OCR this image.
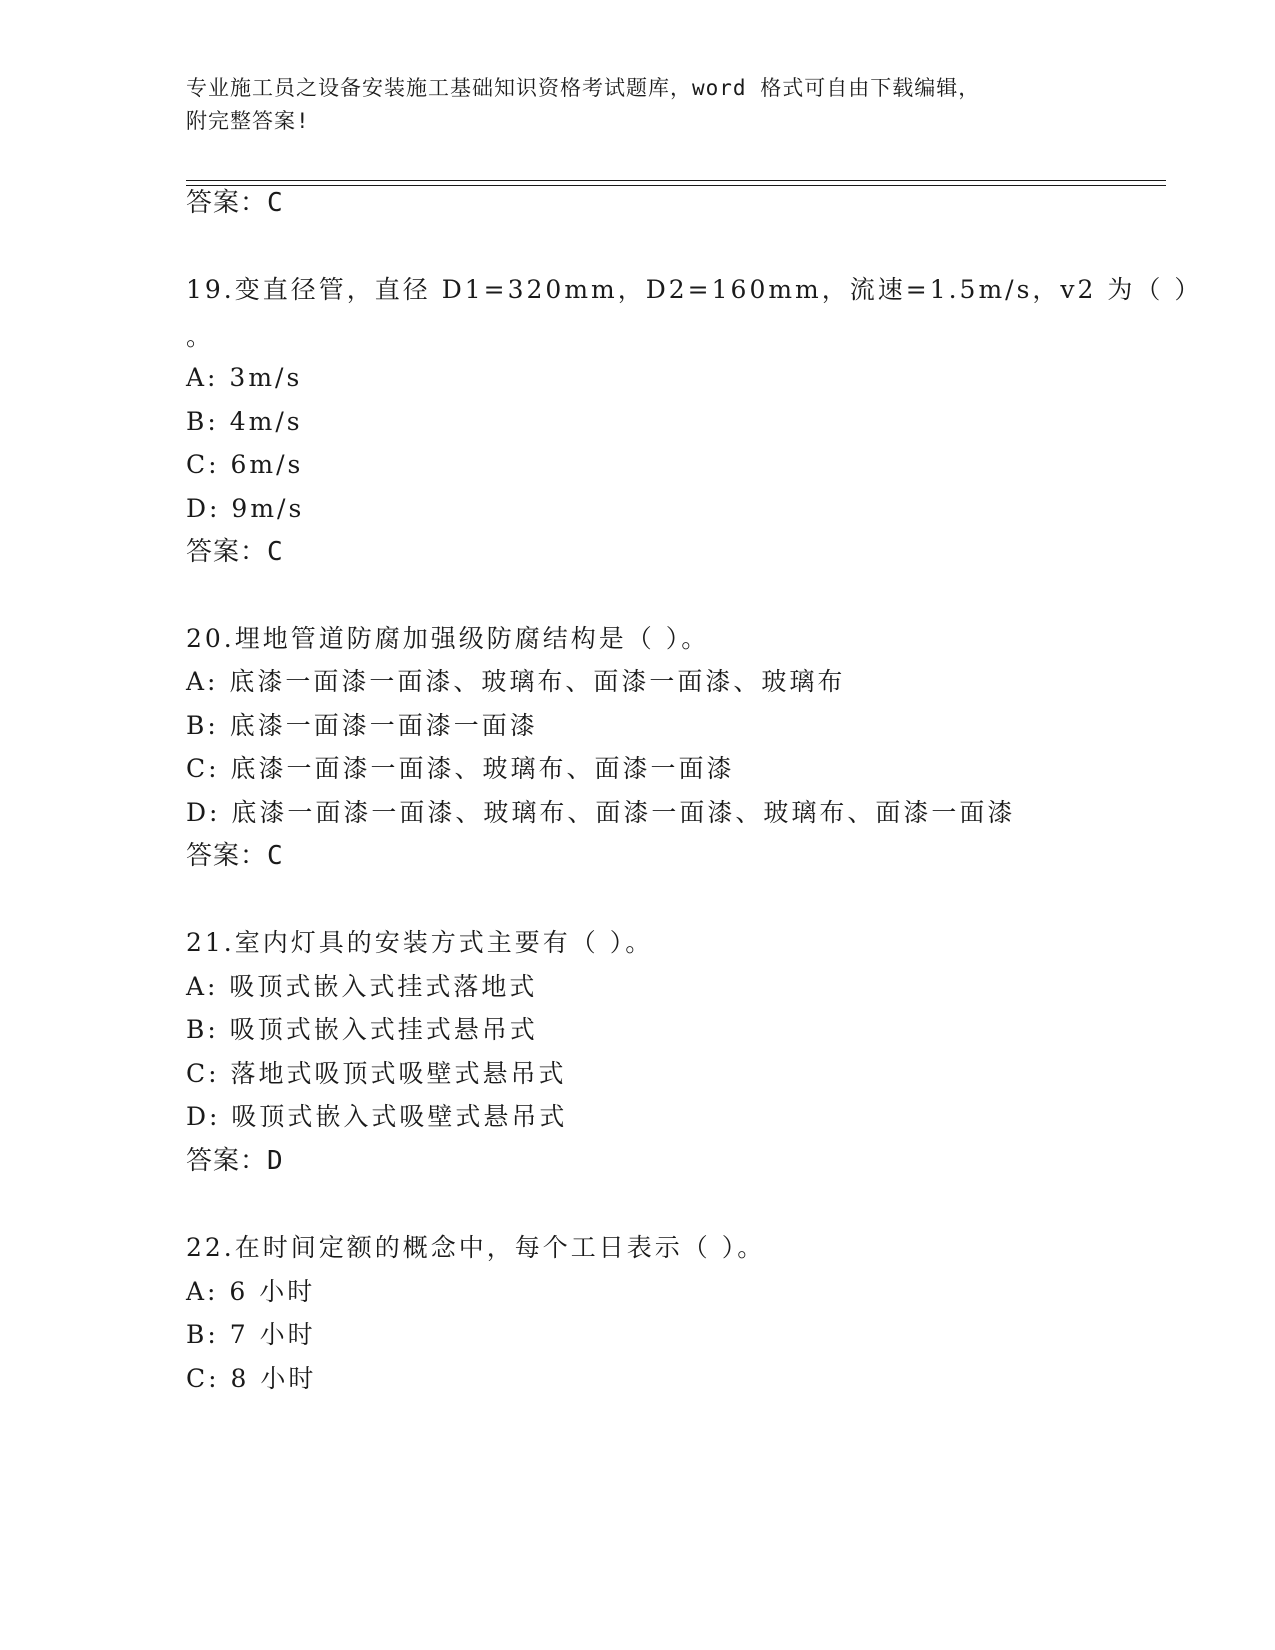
专业施工员之设备安装施工基础知识资格考试题库，word 格式可自由下载编辑，
附完整答案!
答案：C
19.变直径管，直径 D1=320mm，D2=160mm，流速=1.5m/s，v2 为（ ）
。
A: 3m/s
B: 4m/s
C: 6m/s
D: 9m/s
答案：C
20.埋地管道防腐加强级防腐结构是（ ）。
A: 底漆一面漆一面漆、玻璃布、面漆一面漆、玻璃布
B: 底漆一面漆一面漆一面漆
C: 底漆一面漆一面漆、玻璃布、面漆一面漆
D: 底漆一面漆一面漆、玻璃布、面漆一面漆、玻璃布、面漆一面漆
答案：C
21.室内灯具的安装方式主要有（ ）。
A: 吸顶式嵌入式挂式落地式
B: 吸顶式嵌入式挂式悬吊式
C: 落地式吸顶式吸壁式悬吊式
D: 吸顶式嵌入式吸壁式悬吊式
答案：D
22.在时间定额的概念中，每个工日表示（ ）。
A: 6 小时
B: 7 小时
C: 8 小时
